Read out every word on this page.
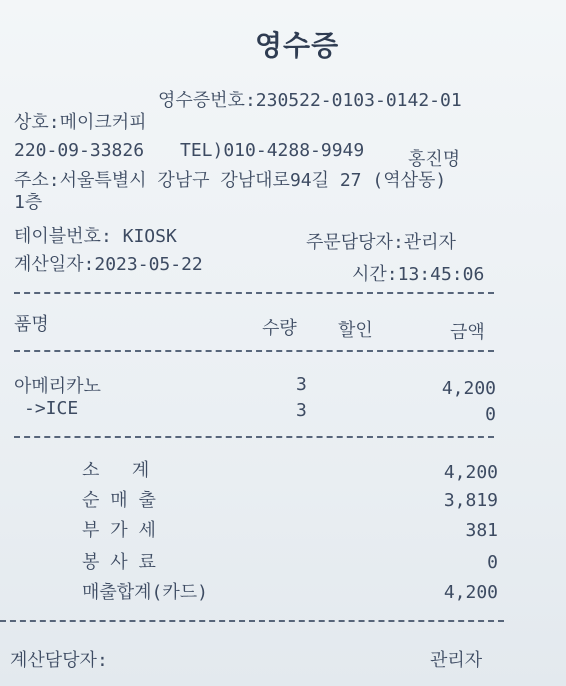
영수증
영수증번호:230522-0103-0142-01
상호:메이크커피
220-09-33826 TEL)010-4288-9949 홍진명
주소:서울특별시 강남구 강남대로94길 27 (역삼동)
1층
테이블번호: KIOSK	주문담당자:관리자
계산일자:2023-05-22	시간:13:45:06
품명	수량 할인	금액
아메리카노	3	4,200
->ICE	3	0
소   계	4,200
순 매 출	3,819
부 가 세	381
봉 사 료	0
매출합계(카드)	4,200
계산담당자:	관리자
